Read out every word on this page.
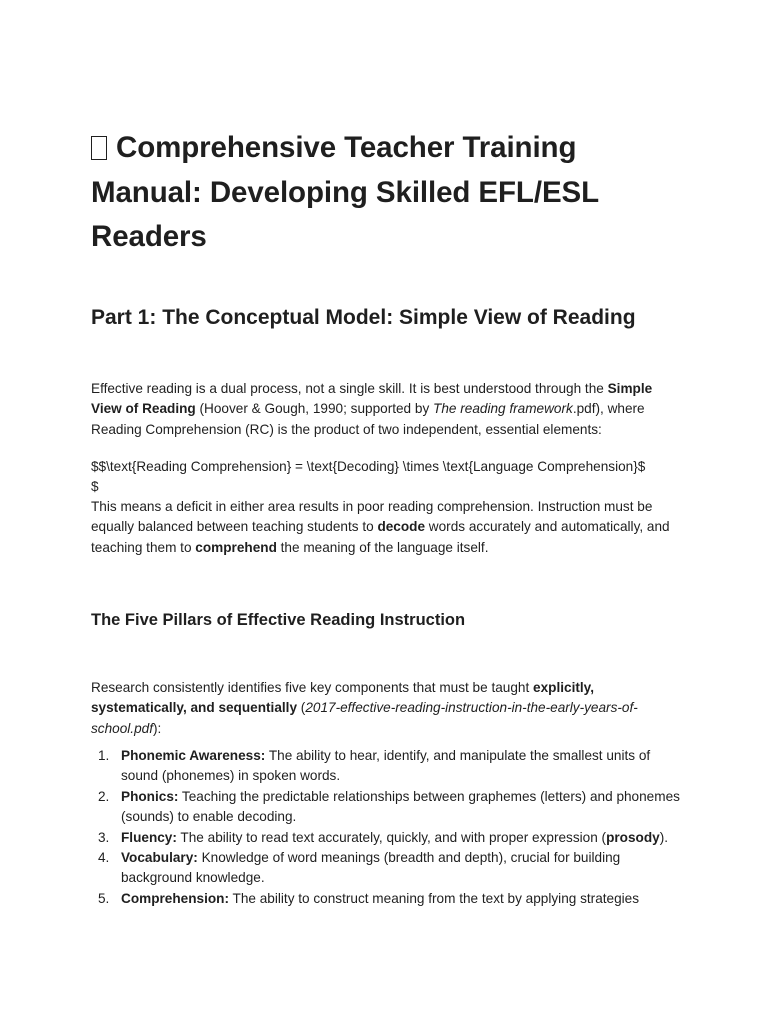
Comprehensive Teacher Training
Manual: Developing Skilled EFL/ESL
Readers
Part 1: The Conceptual Model: Simple View of Reading

Effective reading is a dual process, not a single skill. It is best understood through the Simple View of Reading (Hoover & Gough, 1990; supported by The reading framework.pdf), where Reading Comprehension (RC) is the product of two independent, essential elements:

$$\text{Reading Comprehension} = \text{Decoding} \times \text{Language Comprehension}$
$

This means a deficit in either area results in poor reading comprehension. Instruction must be equally balanced between teaching students to decode words accurately and automatically, and teaching them to comprehend the meaning of the language itself.

The Five Pillars of Effective Reading Instruction

Research consistently identifies five key components that must be taught explicitly, systematically, and sequentially (2017-effective-reading-instruction-in-the-early-years-of-school.pdf):

1. Phonemic Awareness: The ability to hear, identify, and manipulate the smallest units of sound (phonemes) in spoken words.
2. Phonics: Teaching the predictable relationships between graphemes (letters) and phonemes (sounds) to enable decoding.
3. Fluency: The ability to read text accurately, quickly, and with proper expression (prosody).
4. Vocabulary: Knowledge of word meanings (breadth and depth), crucial for building background knowledge.
5. Comprehension: The ability to construct meaning from the text by applying strategies
